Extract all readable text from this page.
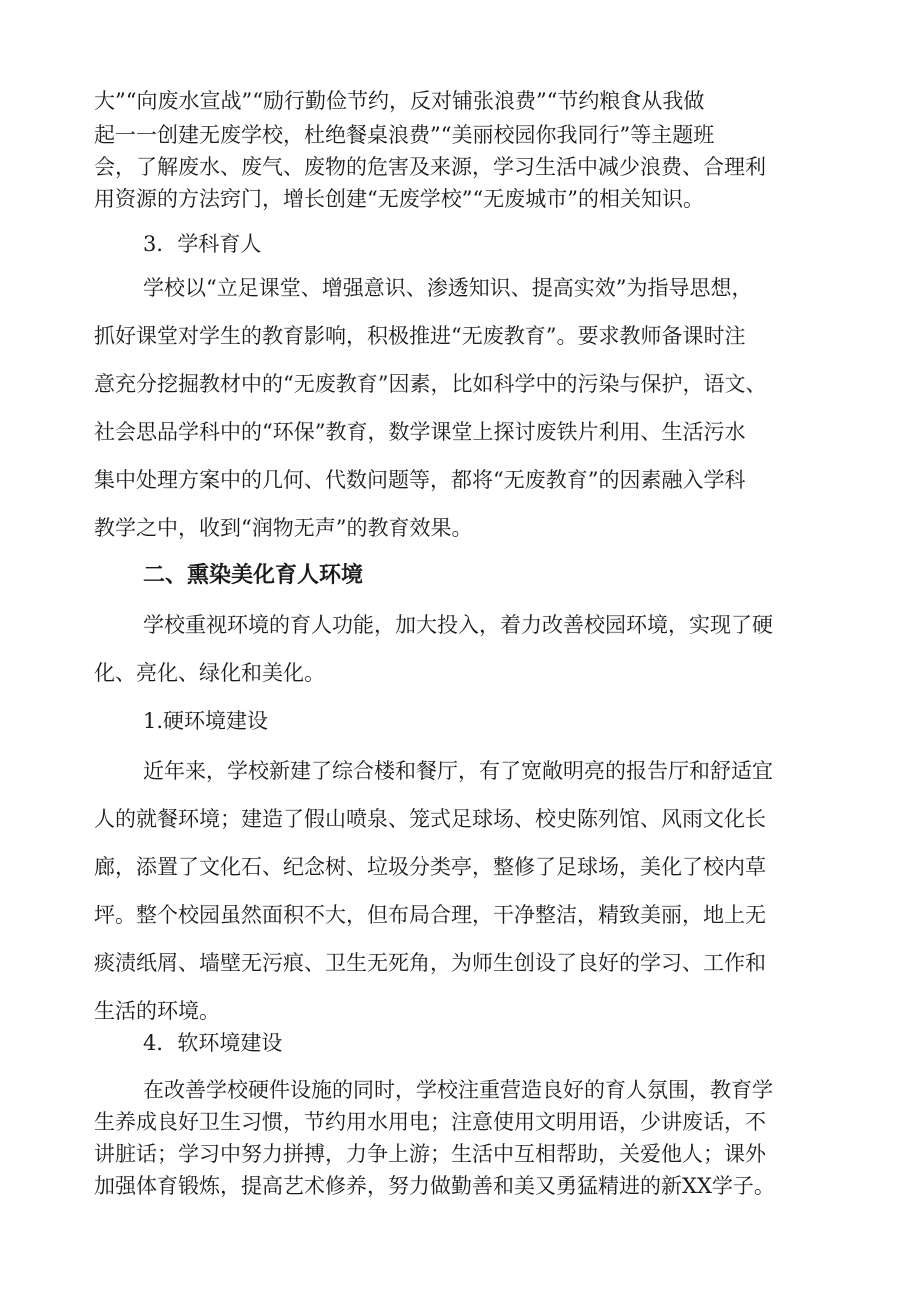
大”“向废水宣战”“励行勤俭节约，反对铺张浪费”“节约粮食从我做

起一一创建无废学校，杜绝餐桌浪费”“美丽校园你我同行”等主题班

会，了解废水、废气、废物的危害及来源，学习生活中减少浪费、合理利

用资源的方法窍门，增长创建“无废学校”“无废城市”的相关知识。

3．学科育人

学校以“立足课堂、增强意识、渗透知识、提高实效”为指导思想，

抓好课堂对学生的教育影响，积极推进“无废教育”。要求教师备课时注

意充分挖掘教材中的“无废教育”因素，比如科学中的污染与保护，语文、

社会思品学科中的“环保”教育，数学课堂上探讨废铁片利用、生活污水

集中处理方案中的几何、代数问题等，都将“无废教育”的因素融入学科

教学之中，收到“润物无声”的教育效果。

二、熏染美化育人环境

学校重视环境的育人功能，加大投入，着力改善校园环境，实现了硬

化、亮化、绿化和美化。

1.硬环境建设

近年来，学校新建了综合楼和餐厅，有了宽敞明亮的报告厅和舒适宜

人的就餐环境；建造了假山喷泉、笼式足球场、校史陈列馆、风雨文化长

廊，添置了文化石、纪念树、垃圾分类亭，整修了足球场，美化了校内草

坪。整个校园虽然面积不大，但布局合理，干净整洁，精致美丽，地上无

痰渍纸屑、墙壁无污痕、卫生无死角，为师生创设了良好的学习、工作和

生活的环境。

4．软环境建设

在改善学校硬件设施的同时，学校注重营造良好的育人氛围，教育学

生养成良好卫生习惯，节约用水用电；注意使用文明用语，少讲废话，不

讲脏话；学习中努力拼搏，力争上游；生活中互相帮助，关爱他人；课外

加强体育锻炼，提高艺术修养，努力做勤善和美又勇猛精进的新XX学子。
